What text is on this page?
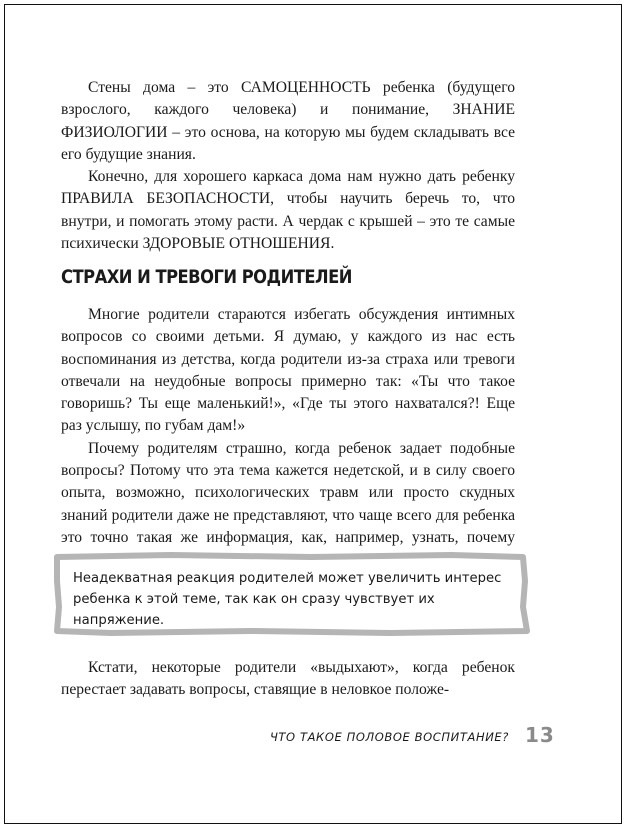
Стены дома – это САМОЦЕННОСТЬ ребенка (будущего взрослого, каждого человека) и понимание, ЗНАНИЕ ФИЗИОЛОГИИ – это основа, на которую мы будем складывать все его будущие знания.

Конечно, для хорошего каркаса дома нам нужно дать ребенку ПРАВИЛА БЕЗОПАСНОСТИ, чтобы научить беречь то, что внутри, и помогать этому расти. А чердак с крышей – это те самые психически ЗДОРОВЫЕ ОТНОШЕНИЯ.

СТРАХИ И ТРЕВОГИ РОДИТЕЛЕЙ

Многие родители стараются избегать обсуждения интимных вопросов со своими детьми. Я думаю, у каждого из нас есть воспоминания из детства, когда родители из-за страха или тревоги отвечали на неудобные вопросы примерно так: «Ты что такое говоришь? Ты еще маленький!», «Где ты этого нахватался?! Еще раз услышу, по губам дам!»

Почему родителям страшно, когда ребенок задает подобные вопросы? Потому что эта тема кажется недетской, и в силу своего опыта, возможно, психологических травм или просто скудных знаний родители даже не представляют, что чаще всего для ребенка это точно такая же информация, как, например, узнать, почему

Неадекватная реакция родителей может увеличить интерес ребенка к этой теме, так как он сразу чувствует их напряжение.

Кстати, некоторые родители «выдыхают», когда ребенок перестает задавать вопросы, ставящие в неловкое положе-

ЧТО ТАКОЕ ПОЛОВОЕ ВОСПИТАНИЕ? 13
